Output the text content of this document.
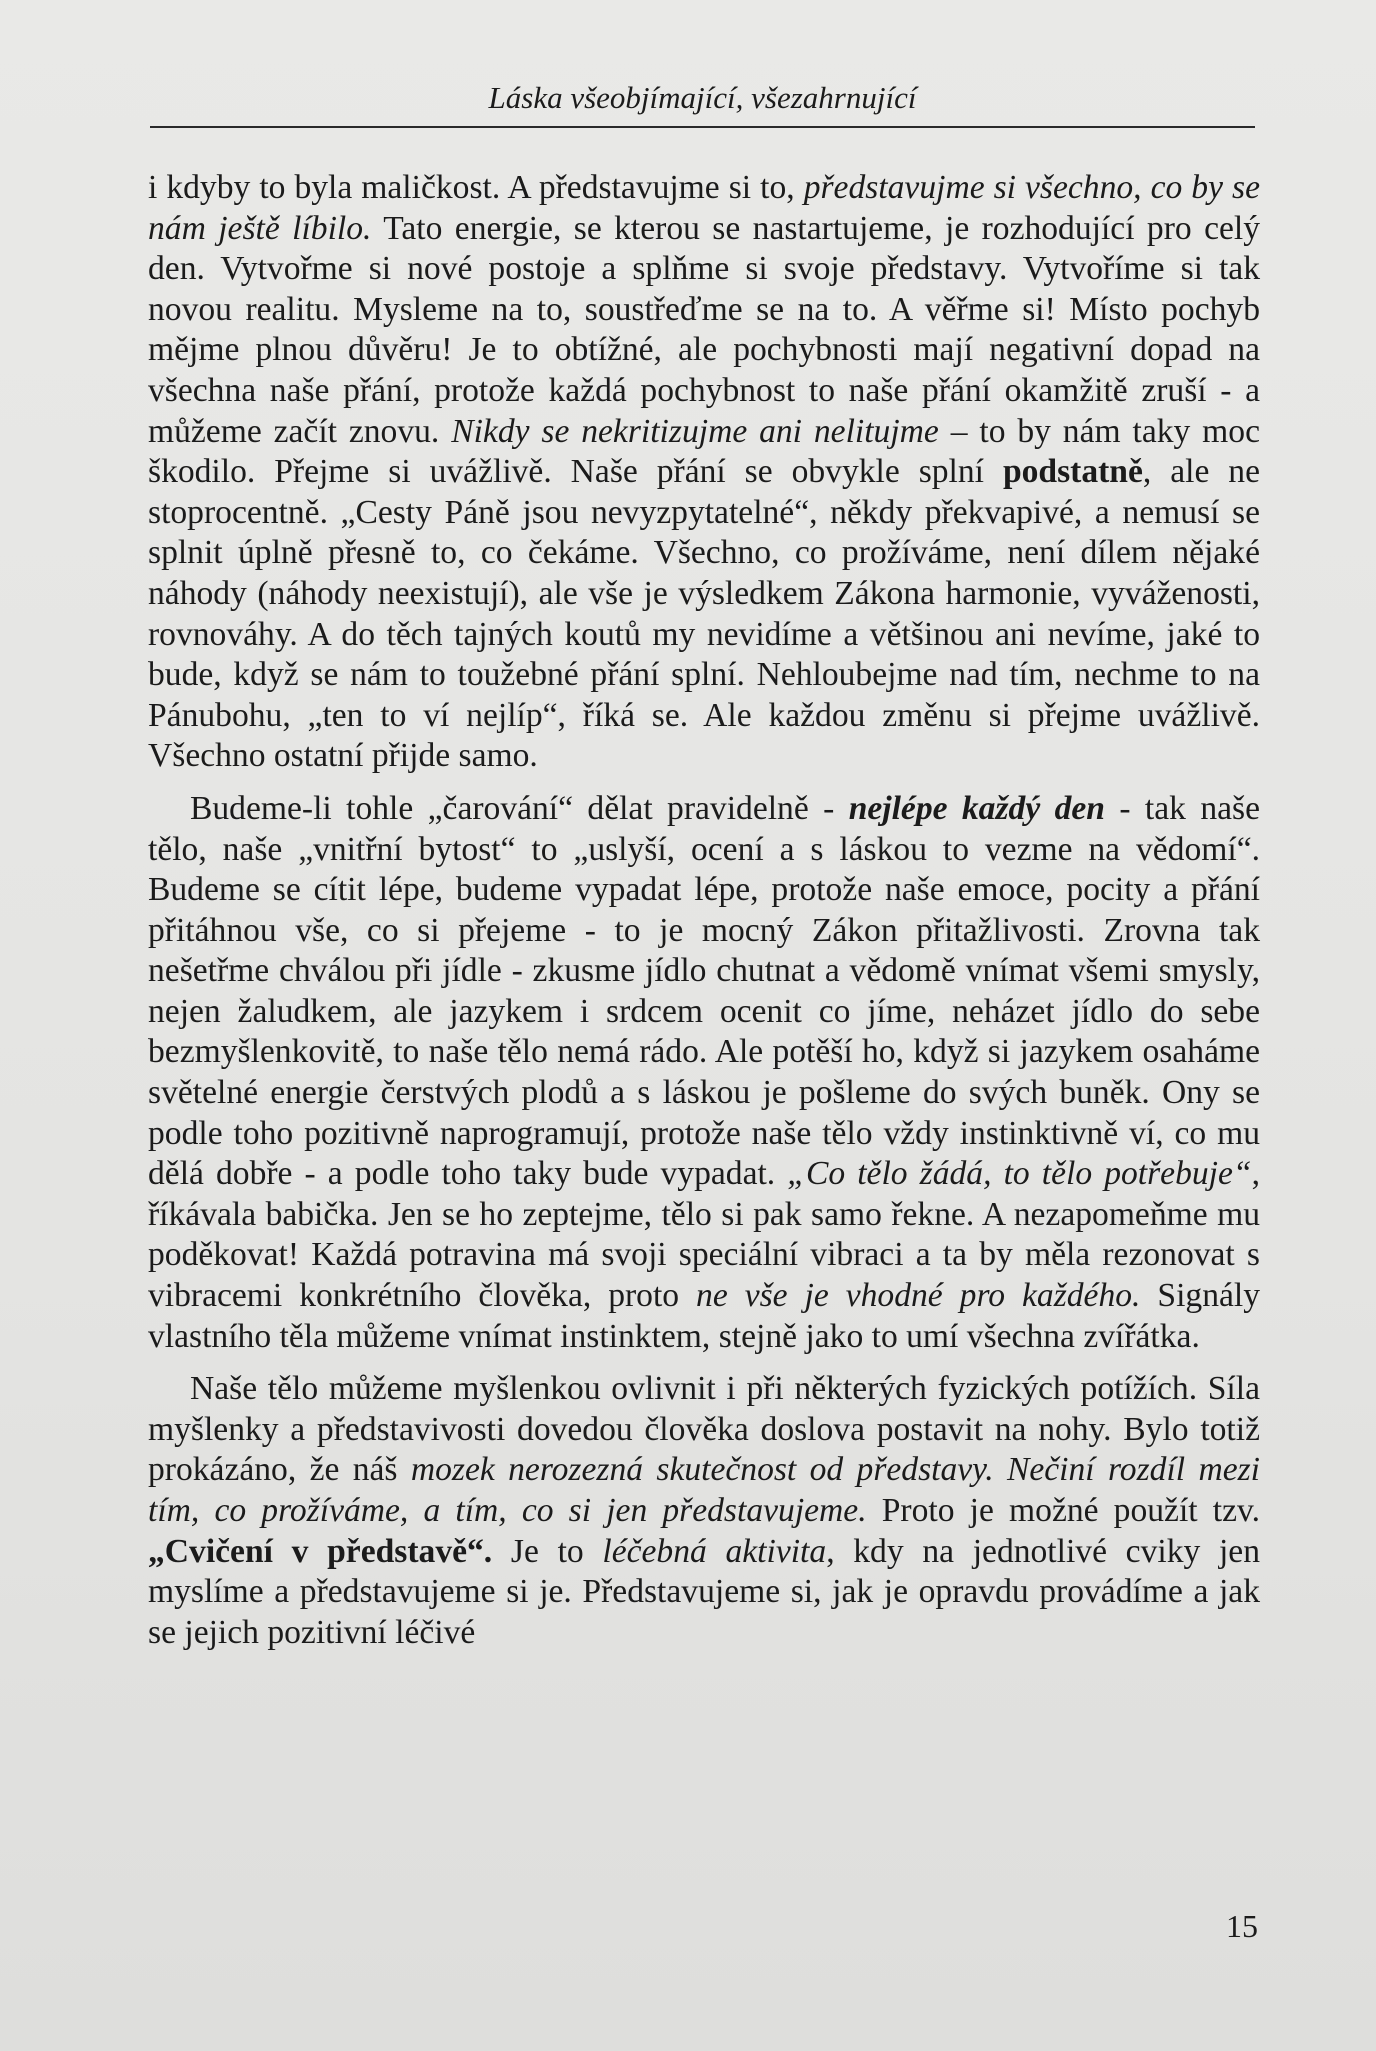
Láska všeobjímající, všezahrnující

i kdyby to byla maličkost. A představujme si to, představujme si všechno, co by se nám ještě líbilo. Tato energie, se kterou se nastartujeme, je rozhodující pro celý den. Vytvořme si nové postoje a splňme si svoje představy. Vytvoříme si tak novou realitu. Mysleme na to, soustřeďme se na to. A věřme si! Místo pochyb mějme plnou důvěru! Je to obtížné, ale pochybnosti mají negativní dopad na všechna naše přání, protože každá pochybnost to naše přání okamžitě zruší - a můžeme začít znovu. Nikdy se nekritizujme ani nelitujme – to by nám taky moc škodilo. Přejme si uvážlivě. Naše přání se obvykle splní podstatně, ale ne stoprocentně. „Cesty Páně jsou nevyzpytatelné“, někdy překvapivé, a nemusí se splnit úplně přesně to, co čekáme. Všechno, co prožíváme, není dílem nějaké náhody (náhody neexistují), ale vše je výsledkem Zákona harmonie, vyváženosti, rovnováhy. A do těch tajných koutů my nevidíme a většinou ani nevíme, jaké to bude, když se nám to toužebné přání splní. Nehloubejme nad tím, nechme to na Pánubohu, „ten to ví nejlíp“, říká se. Ale každou změnu si přejme uvážlivě. Všechno ostatní přijde samo.

Budeme-li tohle „čarování“ dělat pravidelně - nejlépe každý den - tak naše tělo, naše „vnitřní bytost“ to „uslyší, ocení a s láskou to vezme na vědomí“. Budeme se cítit lépe, budeme vypadat lépe, protože naše emoce, pocity a přání přitáhnou vše, co si přejeme - to je mocný Zákon přitažlivosti. Zrovna tak nešetřme chválou při jídle - zkusme jídlo chutnat a vědomě vnímat všemi smysly, nejen žaludkem, ale jazykem i srdcem ocenit co jíme, neházet jídlo do sebe bezmyšlenkovitě, to naše tělo nemá rádo. Ale potěší ho, když si jazykem osaháme světelné energie čerstvých plodů a s láskou je pošleme do svých buněk. Ony se podle toho pozitivně naprogramují, protože naše tělo vždy instinktivně ví, co mu dělá dobře - a podle toho taky bude vypadat. „Co tělo žádá, to tělo potřebuje“, říkávala babička. Jen se ho zeptejme, tělo si pak samo řekne. A nezapomeňme mu poděkovat! Každá potravina má svoji speciální vibraci a ta by měla rezonovat s vibracemi konkrétního člověka, proto ne vše je vhodné pro každého. Signály vlastního těla můžeme vnímat instinktem, stejně jako to umí všechna zvířátka.

Naše tělo můžeme myšlenkou ovlivnit i při některých fyzických potížích. Síla myšlenky a představivosti dovedou člověka doslova postavit na nohy. Bylo totiž prokázáno, že náš mozek nerozezná skutečnost od představy. Nečiní rozdíl mezi tím, co prožíváme, a tím, co si jen představujeme. Proto je možné použít tzv. „Cvičení v představě“. Je to léčebná aktivita, kdy na jednotlivé cviky jen myslíme a představujeme si je. Představujeme si, jak je opravdu provádíme a jak se jejich pozitivní léčivé

15
